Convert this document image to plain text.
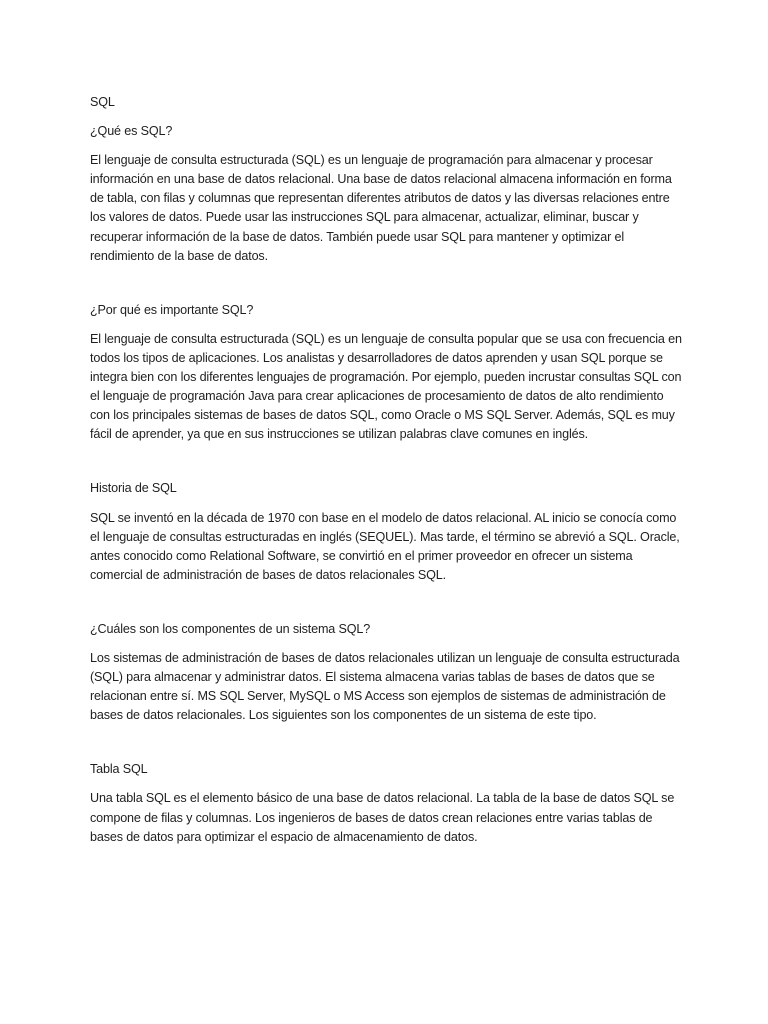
SQL
¿Qué es SQL?

El lenguaje de consulta estructurada (SQL) es un lenguaje de programación para almacenar y procesar información en una base de datos relacional. Una base de datos relacional almacena información en forma de tabla, con filas y columnas que representan diferentes atributos de datos y las diversas relaciones entre los valores de datos. Puede usar las instrucciones SQL para almacenar, actualizar, eliminar, buscar y recuperar información de la base de datos. También puede usar SQL para mantener y optimizar el rendimiento de la base de datos.

¿Por qué es importante SQL?

El lenguaje de consulta estructurada (SQL) es un lenguaje de consulta popular que se usa con frecuencia en todos los tipos de aplicaciones. Los analistas y desarrolladores de datos aprenden y usan SQL porque se integra bien con los diferentes lenguajes de programación. Por ejemplo, pueden incrustar consultas SQL con el lenguaje de programación Java para crear aplicaciones de procesamiento de datos de alto rendimiento con los principales sistemas de bases de datos SQL, como Oracle o MS SQL Server. Además, SQL es muy fácil de aprender, ya que en sus instrucciones se utilizan palabras clave comunes en inglés.

Historia de SQL

SQL se inventó en la década de 1970 con base en el modelo de datos relacional. AL inicio se conocía como el lenguaje de consultas estructuradas en inglés (SEQUEL). Mas tarde, el término se abrevió a SQL. Oracle, antes conocido como Relational Software, se convirtió en el primer proveedor en ofrecer un sistema comercial de administración de bases de datos relacionales SQL.

¿Cuáles son los componentes de un sistema SQL?

Los sistemas de administración de bases de datos relacionales utilizan un lenguaje de consulta estructurada (SQL) para almacenar y administrar datos. El sistema almacena varias tablas de bases de datos que se relacionan entre sí. MS SQL Server, MySQL o MS Access son ejemplos de sistemas de administración de bases de datos relacionales. Los siguientes son los componentes de un sistema de este tipo.

Tabla SQL

Una tabla SQL es el elemento básico de una base de datos relacional. La tabla de la base de datos SQL se compone de filas y columnas. Los ingenieros de bases de datos crean relaciones entre varias tablas de bases de datos para optimizar el espacio de almacenamiento de datos.
